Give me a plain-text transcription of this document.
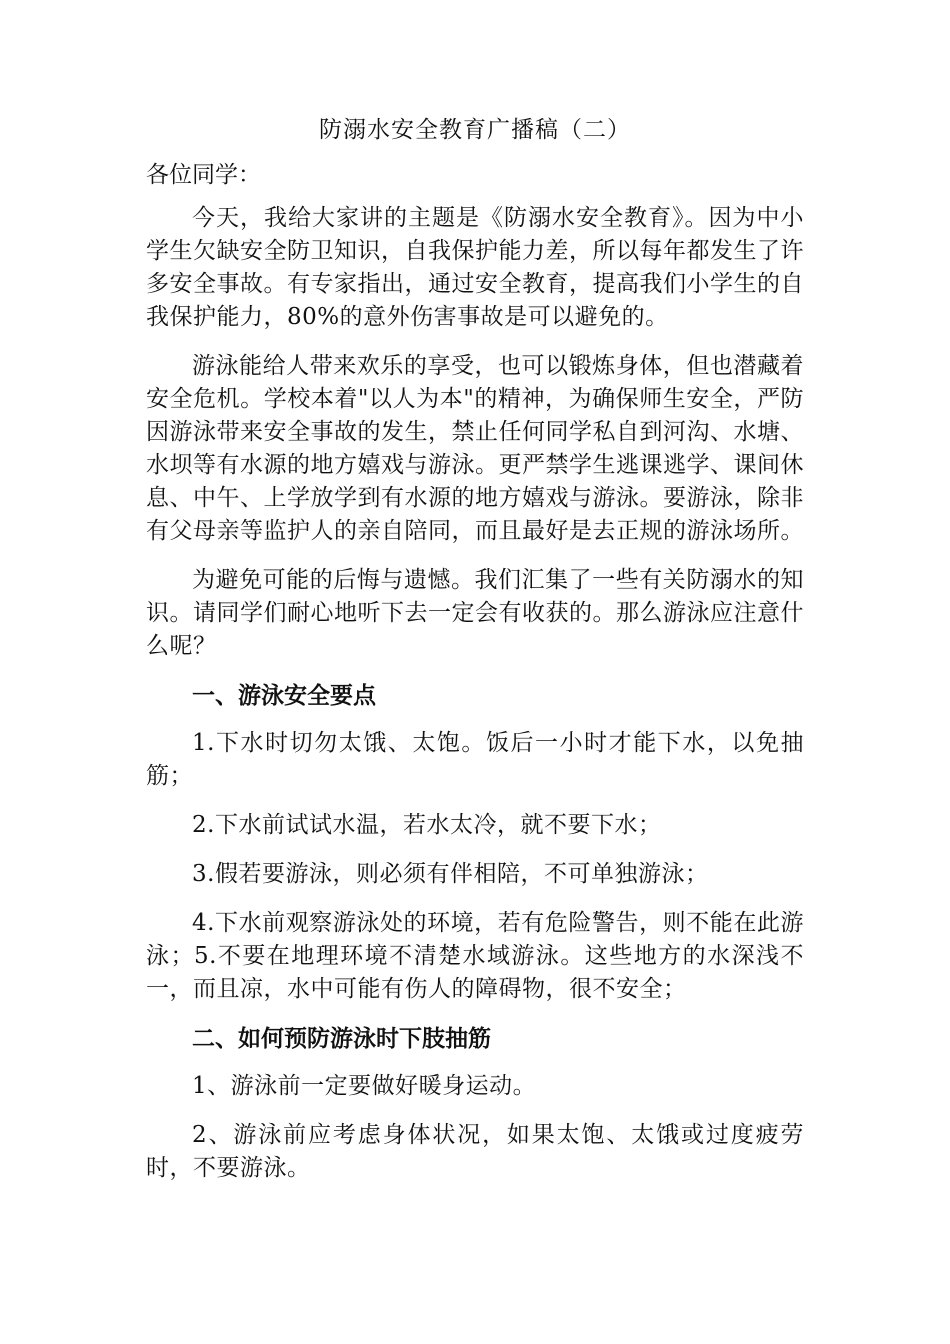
防溺水安全教育广播稿（二）
各位同学：

今天，我给大家讲的主题是《防溺水安全教育》。因为中小学生欠缺安全防卫知识，自我保护能力差，所以每年都发生了许多安全事故。有专家指出，通过安全教育，提高我们小学生的自我保护能力，80%的意外伤害事故是可以避免的。

游泳能给人带来欢乐的享受，也可以锻炼身体，但也潜藏着安全危机。学校本着"以人为本"的精神，为确保师生安全，严防因游泳带来安全事故的发生，禁止任何同学私自到河沟、水塘、水坝等有水源的地方嬉戏与游泳。更严禁学生逃课逃学、课间休息、中午、上学放学到有水源的地方嬉戏与游泳。要游泳，除非有父母亲等监护人的亲自陪同，而且最好是去正规的游泳场所。

为避免可能的后悔与遗憾。我们汇集了一些有关防溺水的知识。请同学们耐心地听下去一定会有收获的。那么游泳应注意什么呢？

一、游泳安全要点

1.下水时切勿太饿、太饱。饭后一小时才能下水，以免抽筋；

2.下水前试试水温，若水太冷，就不要下水；

3.假若要游泳，则必须有伴相陪，不可单独游泳；

4.下水前观察游泳处的环境，若有危险警告，则不能在此游泳；5.不要在地理环境不清楚水域游泳。这些地方的水深浅不一，而且凉，水中可能有伤人的障碍物，很不安全；

二、如何预防游泳时下肢抽筋

1、游泳前一定要做好暖身运动。

2、游泳前应考虑身体状况，如果太饱、太饿或过度疲劳时，不要游泳。
